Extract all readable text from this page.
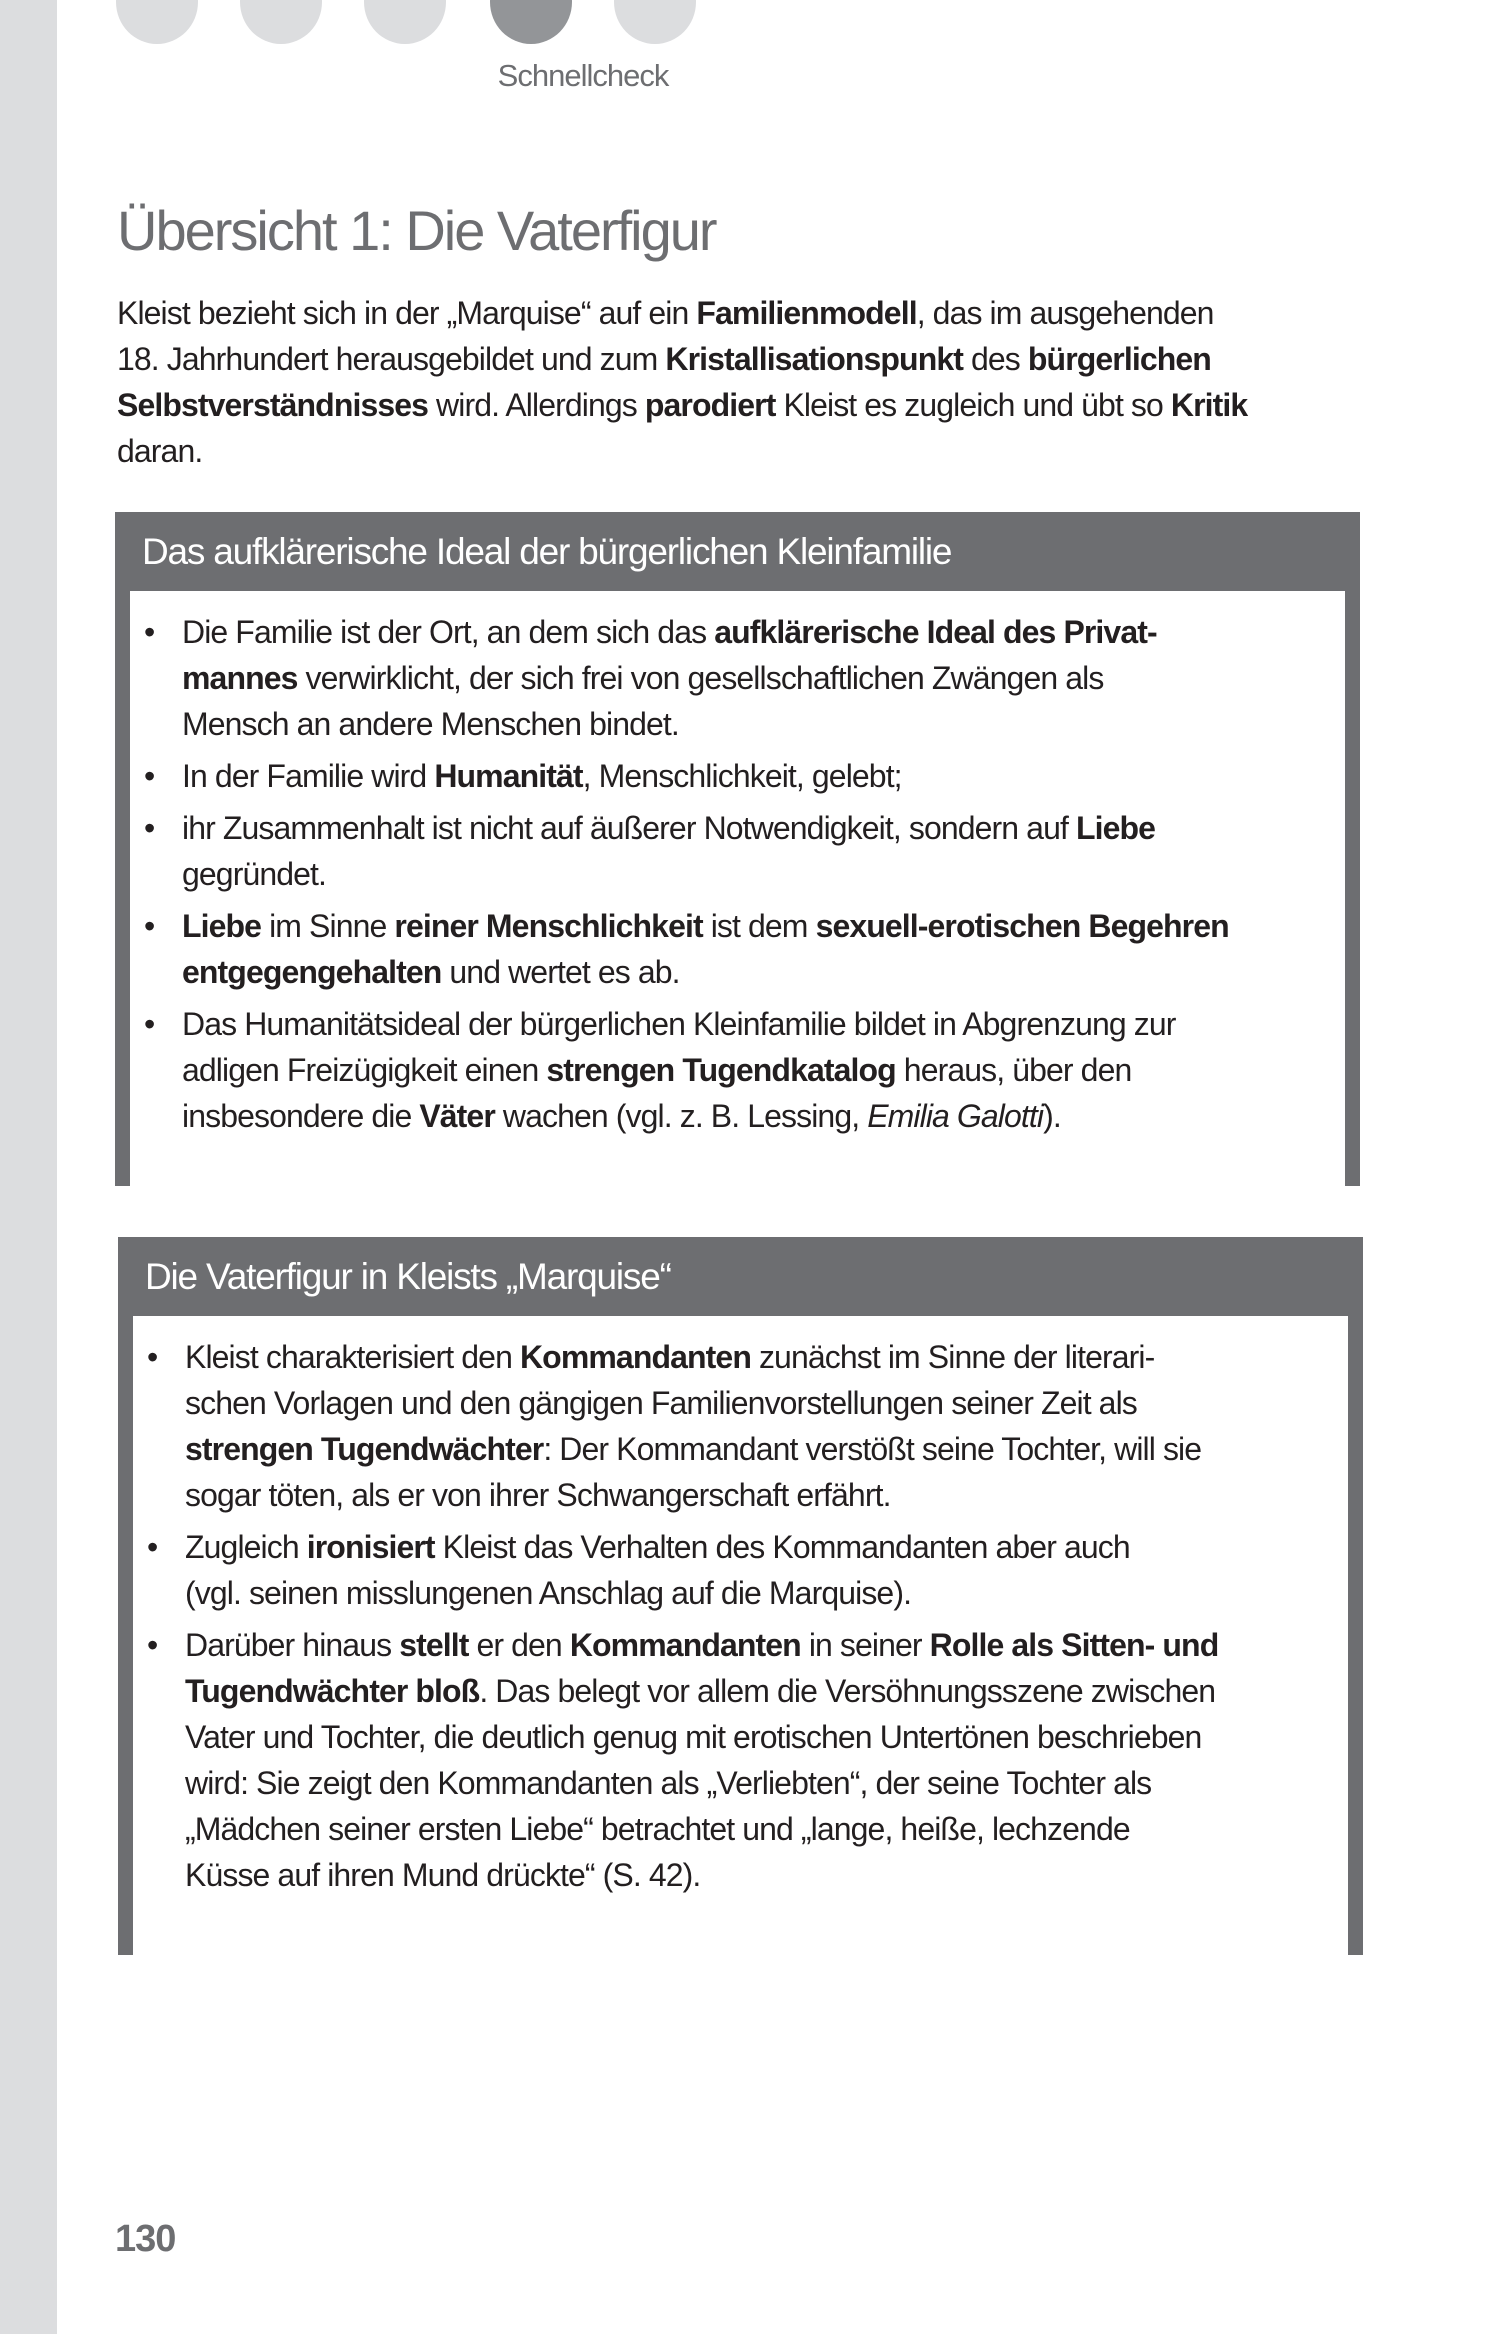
Schnellcheck
Übersicht 1: Die Vaterfigur
Kleist bezieht sich in der „Marquise“ auf ein Familienmodell, das im ausgehenden
18. Jahrhundert herausgebildet und zum Kristallisationspunkt des bürgerlichen
Selbstverständnisses wird. Allerdings parodiert Kleist es zugleich und übt so Kritik
daran.
Das aufklärerische Ideal der bürgerlichen Kleinfamilie
• Die Familie ist der Ort, an dem sich das aufklärerische Ideal des Privat-
mannes verwirklicht, der sich frei von gesellschaftlichen Zwängen als
Mensch an andere Menschen bindet.
• In der Familie wird Humanität, Menschlichkeit, gelebt;
• ihr Zusammenhalt ist nicht auf äußerer Notwendigkeit, sondern auf Liebe
gegründet.
• Liebe im Sinne reiner Menschlichkeit ist dem sexuell-erotischen Begehren
entgegengehalten und wertet es ab.
• Das Humanitätsideal der bürgerlichen Kleinfamilie bildet in Abgrenzung zur
adligen Freizügigkeit einen strengen Tugendkatalog heraus, über den
insbesondere die Väter wachen (vgl. z. B. Lessing, Emilia Galotti).
Die Vaterfigur in Kleists „Marquise“
• Kleist charakterisiert den Kommandanten zunächst im Sinne der literari-
schen Vorlagen und den gängigen Familienvorstellungen seiner Zeit als
strengen Tugendwächter: Der Kommandant verstößt seine Tochter, will sie
sogar töten, als er von ihrer Schwangerschaft erfährt.
• Zugleich ironisiert Kleist das Verhalten des Kommandanten aber auch
(vgl. seinen misslungenen Anschlag auf die Marquise).
• Darüber hinaus stellt er den Kommandanten in seiner Rolle als Sitten- und
Tugendwächter bloß. Das belegt vor allem die Versöhnungsszene zwischen
Vater und Tochter, die deutlich genug mit erotischen Untertönen beschrieben
wird: Sie zeigt den Kommandanten als „Verliebten“, der seine Tochter als
„Mädchen seiner ersten Liebe“ betrachtet und „lange, heiße, lechzende
Küsse auf ihren Mund drückte“ (S. 42).
130
